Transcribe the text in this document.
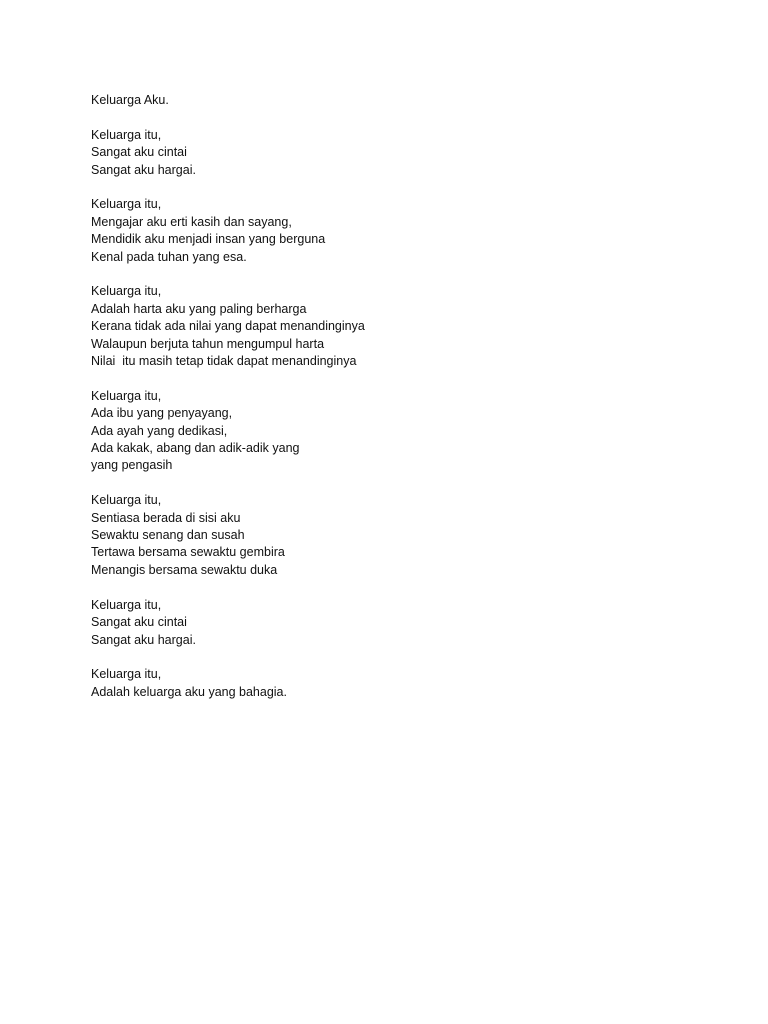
Keluarga Aku.
Keluarga itu,
Sangat aku cintai
Sangat aku hargai.
Keluarga itu,
Mengajar aku erti kasih dan sayang,
Mendidik aku menjadi insan yang berguna
Kenal pada tuhan yang esa.
Keluarga itu,
Adalah harta aku yang paling berharga
Kerana tidak ada nilai yang dapat menandinginya
Walaupun berjuta tahun mengumpul harta
Nilai  itu masih tetap tidak dapat menandinginya
Keluarga itu,
Ada ibu yang penyayang,
Ada ayah yang dedikasi,
Ada kakak, abang dan adik-adik yang
yang pengasih
Keluarga itu,
Sentiasa berada di sisi aku
Sewaktu senang dan susah
Tertawa bersama sewaktu gembira
Menangis bersama sewaktu duka
Keluarga itu,
Sangat aku cintai
Sangat aku hargai.
Keluarga itu,
Adalah keluarga aku yang bahagia.
